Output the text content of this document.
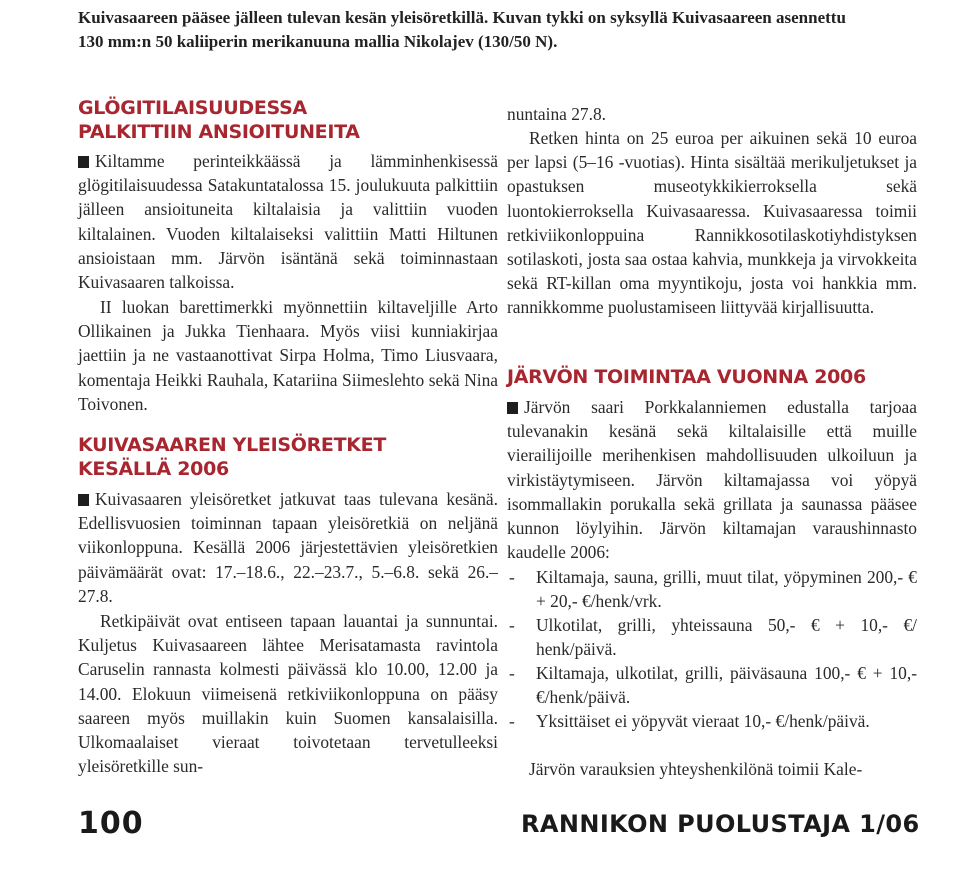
Kuivasaareen pääsee jälleen tulevan kesän yleisöretkillä. Kuvan tykki on syksyllä Kuivasaareen asennettu 130 mm:n 50 kaliiperin merikanuuna mallia Nikolajev (130/50 N).

GLÖGITILAISUUDESSA
PALKITTIIN ANSIOITUNEITA

Kiltamme perinteikkäässä ja lämminhenkisessä glögitilaisuudessa Satakuntatalossa 15. joulukuuta palkittiin jälleen ansioituneita kiltalaisia ja valittiin vuoden kiltalainen. Vuoden kiltalaiseksi valittiin Matti Hiltunen ansioistaan mm. Järvön isäntänä sekä toiminnastaan Kuivasaaren talkoissa.

II luokan barettimerkki myönnettiin kiltaveljille Arto Ollikainen ja Jukka Tienhaara. Myös viisi kunniakirjaa jaettiin ja ne vastaanottivat Sirpa Holma, Timo Liusvaara, komentaja Heikki Rauhala, Katariina Siimeslehto sekä Nina Toivonen.

KUIVASAAREN YLEISÖRETKET
KESÄLLÄ 2006

Kuivasaaren yleisöretket jatkuvat taas tulevana kesänä. Edellisvuosien toiminnan tapaan yleisöretkiä on neljänä viikonloppuna. Kesällä 2006 järjestettävien yleisöretkien päivämäärät ovat: 17.–18.6., 22.–23.7., 5.–6.8. sekä 26.–27.8.

Retkipäivät ovat entiseen tapaan lauantai ja sunnuntai. Kuljetus Kuivasaareen lähtee Merisatamasta ravintola Caruselin rannasta kolmesti päivässä klo 10.00, 12.00 ja 14.00. Elokuun viimeisenä retkiviikonloppuna on pääsy saareen myös muillakin kuin Suomen kansalaisilla. Ulkomaalaiset vieraat toivotetaan tervetulleeksi yleisöretkille sun-

nuntaina 27.8.

Retken hinta on 25 euroa per aikuinen sekä 10 euroa per lapsi (5–16 -vuotias). Hinta sisältää merikuljetukset ja opastuksen museotykkikierroksella sekä luontokierroksella Kuivasaaressa. Kuivasaaressa toimii retkiviikonloppuina Rannikkosotilaskotiyhdistyksen sotilaskoti, josta saa ostaa kahvia, munkkeja ja virvokkeita sekä RT-killan oma myyntikoju, josta voi hankkia mm. rannikkomme puolustamiseen liittyvää kirjallisuutta.

JÄRVÖN TOIMINTAA VUONNA 2006

Järvön saari Porkkalanniemen edustalla tarjoaa tulevanakin kesänä sekä kiltalaisille että muille vierailijoille merihenkisen mahdollisuuden ulkoiluun ja virkistäytymiseen. Järvön kiltamajassa voi yöpyä isommallakin porukalla sekä grillata ja saunassa pääsee kunnon löylyihin. Järvön kiltamajan varaushinnasto kaudelle 2006:

- Kiltamaja, sauna, grilli, muut tilat, yöpyminen 200,- € + 20,- €/henk/vrk.

- Ulkotilat, grilli, yhteissauna 50,- € + 10,- €/ henk/päivä.

- Kiltamaja, ulkotilat, grilli, päiväsauna 100,- € + 10,- €/henk/päivä.

- Yksittäiset ei yöpyvät vieraat 10,- €/henk/päivä.

Järvön varauksien yhteyshenkilönä toimii Kale-

100	RANNIKON PUOLUSTAJA 1/06
